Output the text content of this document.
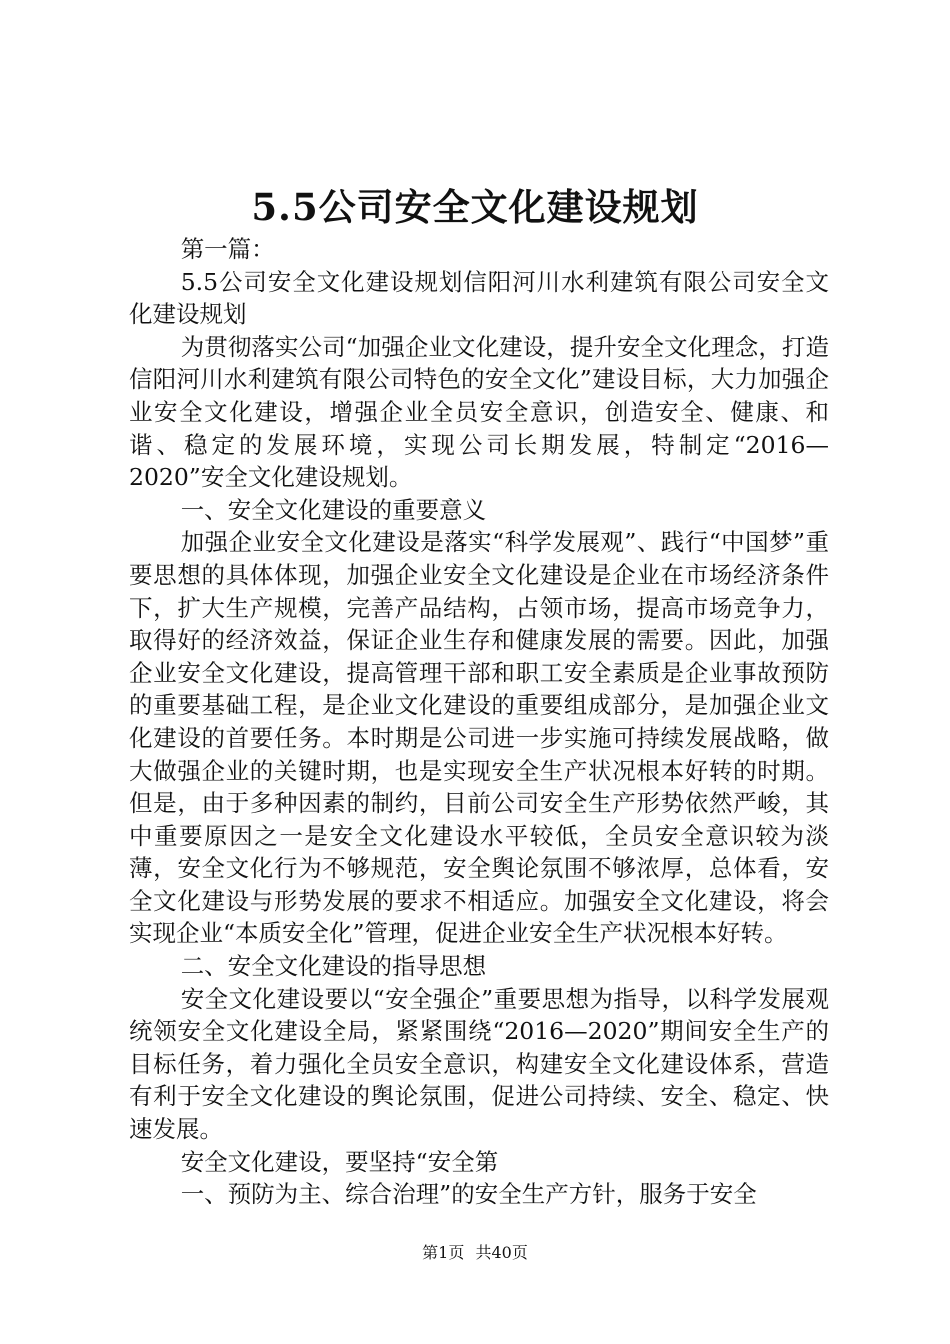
5.5公司安全文化建设规划

第一篇：

5.5公司安全文化建设规划信阳河川水利建筑有限公司安全文化建设规划

为贯彻落实公司“加强企业文化建设，提升安全文化理念，打造信阳河川水利建筑有限公司特色的安全文化”建设目标，大力加强企业安全文化建设，增强企业全员安全意识，创造安全、健康、和谐、稳定的发展环境，实现公司长期发展，特制定“2016—2020”安全文化建设规划。

一、安全文化建设的重要意义

加强企业安全文化建设是落实“科学发展观”、践行“中国梦”重要思想的具体体现，加强企业安全文化建设是企业在市场经济条件下，扩大生产规模，完善产品结构，占领市场，提高市场竞争力，取得好的经济效益，保证企业生存和健康发展的需要。因此，加强企业安全文化建设，提高管理干部和职工安全素质是企业事故预防的重要基础工程，是企业文化建设的重要组成部分，是加强企业文化建设的首要任务。本时期是公司进一步实施可持续发展战略，做大做强企业的关键时期，也是实现安全生产状况根本好转的时期。但是，由于多种因素的制约，目前公司安全生产形势依然严峻，其中重要原因之一是安全文化建设水平较低，全员安全意识较为淡薄，安全文化行为不够规范，安全舆论氛围不够浓厚，总体看，安全文化建设与形势发展的要求不相适应。加强安全文化建设，将会实现企业“本质安全化”管理，促进企业安全生产状况根本好转。

二、安全文化建设的指导思想

安全文化建设要以“安全强企”重要思想为指导，以科学发展观统领安全文化建设全局，紧紧围绕“2016—2020”期间安全生产的目标任务，着力强化全员安全意识，构建安全文化建设体系，营造有利于安全文化建设的舆论氛围，促进公司持续、安全、稳定、快速发展。

安全文化建设，要坚持“安全第

一、预防为主、综合治理”的安全生产方针，服务于安全

第1页 共40页
